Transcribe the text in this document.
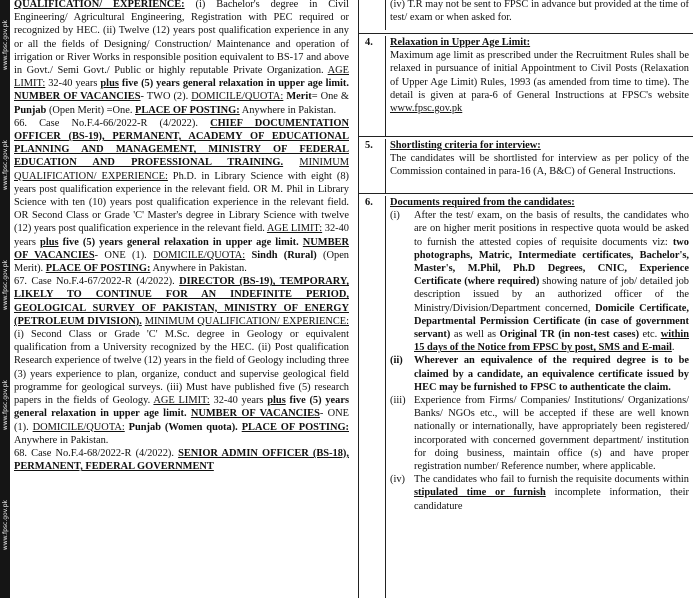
www.fpsc.gov.pk
www.fpsc.gov.pk
www.fpsc.gov.pk
www.fpsc.gov.pk
www.fpsc.gov.pk

QUALIFICATION/ EXPERIENCE: (i) Bachelor's degree in Civil Engineering/ Agricultural Engineering, Registration with PEC required or recognized by HEC. (ii) Twelve (12) years post qualification experience in any or all the fields of Designing/ Construction/ Maintenance and operation of irrigation or River Works in responsible position equivalent to BS-17 and above in Govt./ Semi Govt./ Public or highly reputable Private Organization. AGE LIMIT: 32-40 years plus five (5) years general relaxation in upper age limit. NUMBER OF VACANCIES- TWO (2). DOMICILE/QUOTA: Merit= One & Punjab (Open Merit) =One. PLACE OF POSTING: Anywhere in Pakistan.

66. Case No.F.4-66/2022-R (4/2022). CHIEF DOCUMENTATION OFFICER (BS-19), PERMANENT, ACADEMY OF EDUCATIONAL PLANNING AND MANAGEMENT, MINISTRY OF FEDERAL EDUCATION AND PROFESSIONAL TRAINING. MINIMUM QUALIFICATION/ EXPERIENCE: Ph.D. in Library Science with eight (8) years post qualification experience in the relevant field. OR M. Phil in Library Science with ten (10) years post qualification experience in the relevant field. OR Second Class or Grade 'C' Master's degree in Library Science with twelve (12) years post qualification experience in the relevant field. AGE LIMIT: 32-40 years plus five (5) years general relaxation in upper age limit. NUMBER OF VACANCIES- ONE (1). DOMICILE/QUOTA: Sindh (Rural) (Open Merit). PLACE OF POSTING: Anywhere in Pakistan.

67. Case No.F.4-67/2022-R (4/2022). DIRECTOR (BS-19), TEMPORARY, LIKELY TO CONTINUE FOR AN INDEFINITE PERIOD, GEOLOGICAL SURVEY OF PAKISTAN, MINISTRY OF ENERGY (PETROLEUM DIVISION). MINIMUM QUALIFICATION/ EXPERIENCE: (i) Second Class or Grade 'C' M.Sc. degree in Geology or equivalent qualification from a University recognized by the HEC. (ii) Post qualification Research experience of twelve (12) years in the field of Geology including three (3) years experience to plan, organize, conduct and supervise geological field programme for geological surveys. (iii) Must have published five (5) research papers in the fields of Geology. AGE LIMIT: 32-40 years plus five (5) years general relaxation in upper age limit. NUMBER OF VACANCIES- ONE (1). DOMICILE/QUOTA: Punjab (Women quota). PLACE OF POSTING: Anywhere in Pakistan.

68. Case No.F.4-68/2022-R (4/2022). SENIOR ADMIN OFFICER (BS-18), PERMANENT, FEDERAL GOVERNMENT

(iv) T.R may not be sent to FPSC in advance but provided at the time of test/ exam or when asked for.
4.	Relaxation in Upper Age Limit:
Maximum age limit as prescribed under the Recruitment Rules shall be relaxed in pursuance of initial Appointment to Civil Posts (Relaxation of Upper Age Limit) Rules, 1993 (as amended from time to time). The detail is given at para-6 of General Instructions at FPSC's website www.fpsc.gov.pk
5.	Shortlisting criteria for interview:
The candidates will be shortlisted for interview as per policy of the Commission contained in para-16 (A, B&C) of General Instructions.
6.	Documents required from the candidates:
(i)	After the test/ exam, on the basis of results, the candidates who are on higher merit positions in respective quota would be asked to furnish the attested copies of requisite documents viz: two photographs, Matric, Intermediate certificates, Bachelor's, Master's, M.Phil, Ph.D Degrees, CNIC, Experience Certificate (where required) showing nature of job/ detailed job description issued by an authorized officer of the Ministry/Division/Department concerned, Domicile Certificate, Departmental Permission Certificate (in case of government servant) as well as Original TR (in non-test cases) etc. within 15 days of the Notice from FPSC by post, SMS and E-mail.
(ii)	Wherever an equivalence of the required degree is to be claimed by a candidate, an equivalence certificate issued by HEC may be furnished to FPSC to authenticate the claim.
(iii) Experience from Firms/ Companies/ Institutions/ Organizations/ Banks/ NGOs etc., will be accepted if these are well known nationally or internationally, have appropriately been registered/ incorporated with concerned government department/ institution for doing business, maintain office (s) and have proper registration number/ Reference number, where applicable.
(iv) The candidates who fail to furnish the requisite documents within stipulated time or furnish incomplete information, their candidature
